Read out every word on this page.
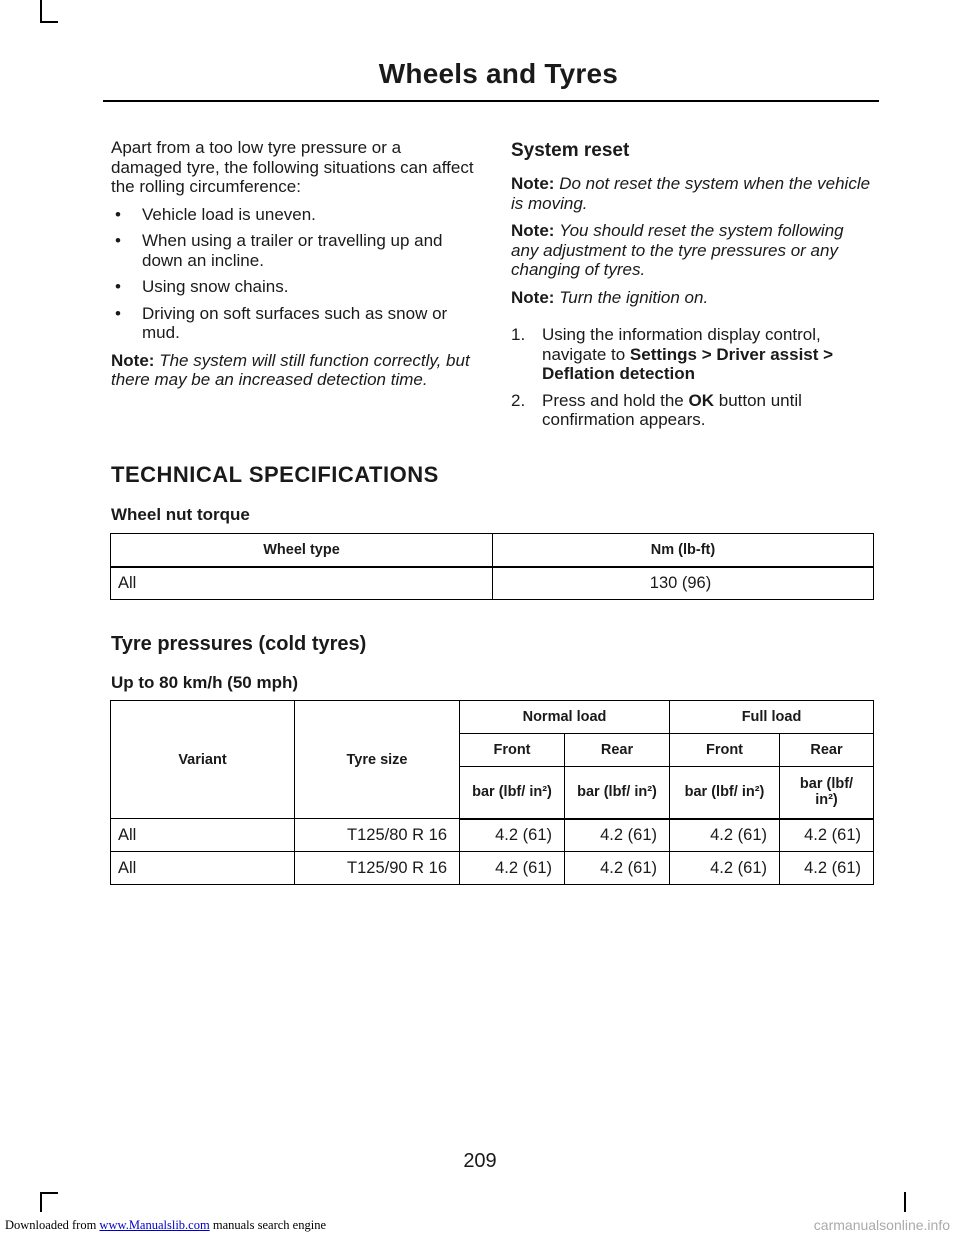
Wheels and Tyres

Apart from a too low tyre pressure or a damaged tyre, the following situations can affect the rolling circumference:

• Vehicle load is uneven.
• When using a trailer or travelling up and down an incline.
• Using snow chains.
• Driving on soft surfaces such as snow or mud.

Note: The system will still function correctly, but there may be an increased detection time.

System reset

Note: Do not reset the system when the vehicle is moving.

Note: You should reset the system following any adjustment to the tyre pressures or any changing of tyres.

Note: Turn the ignition on.

1. Using the information display control, navigate to Settings > Driver assist > Deflation detection
2. Press and hold the OK button until confirmation appears.
TECHNICAL SPECIFICATIONS
Wheel nut torque
Wheel type	Nm (lb-ft)
All	130 (96)
Tyre pressures (cold tyres)
Up to 80 km/h (50 mph)
Variant	Tyre size	Normal load		Full load	
		Front	Rear	Front	Rear
		bar (lbf/ in²)	bar (lbf/ in²)	bar (lbf/ in²)	bar (lbf/ in²)
All	T125/80 R 16	4.2 (61)	4.2 (61)	4.2 (61)	4.2 (61)
All	T125/90 R 16	4.2 (61)	4.2 (61)	4.2 (61)	4.2 (61)
209
Downloaded from www.Manualslib.com manuals search engine	carmanualsonline.info
